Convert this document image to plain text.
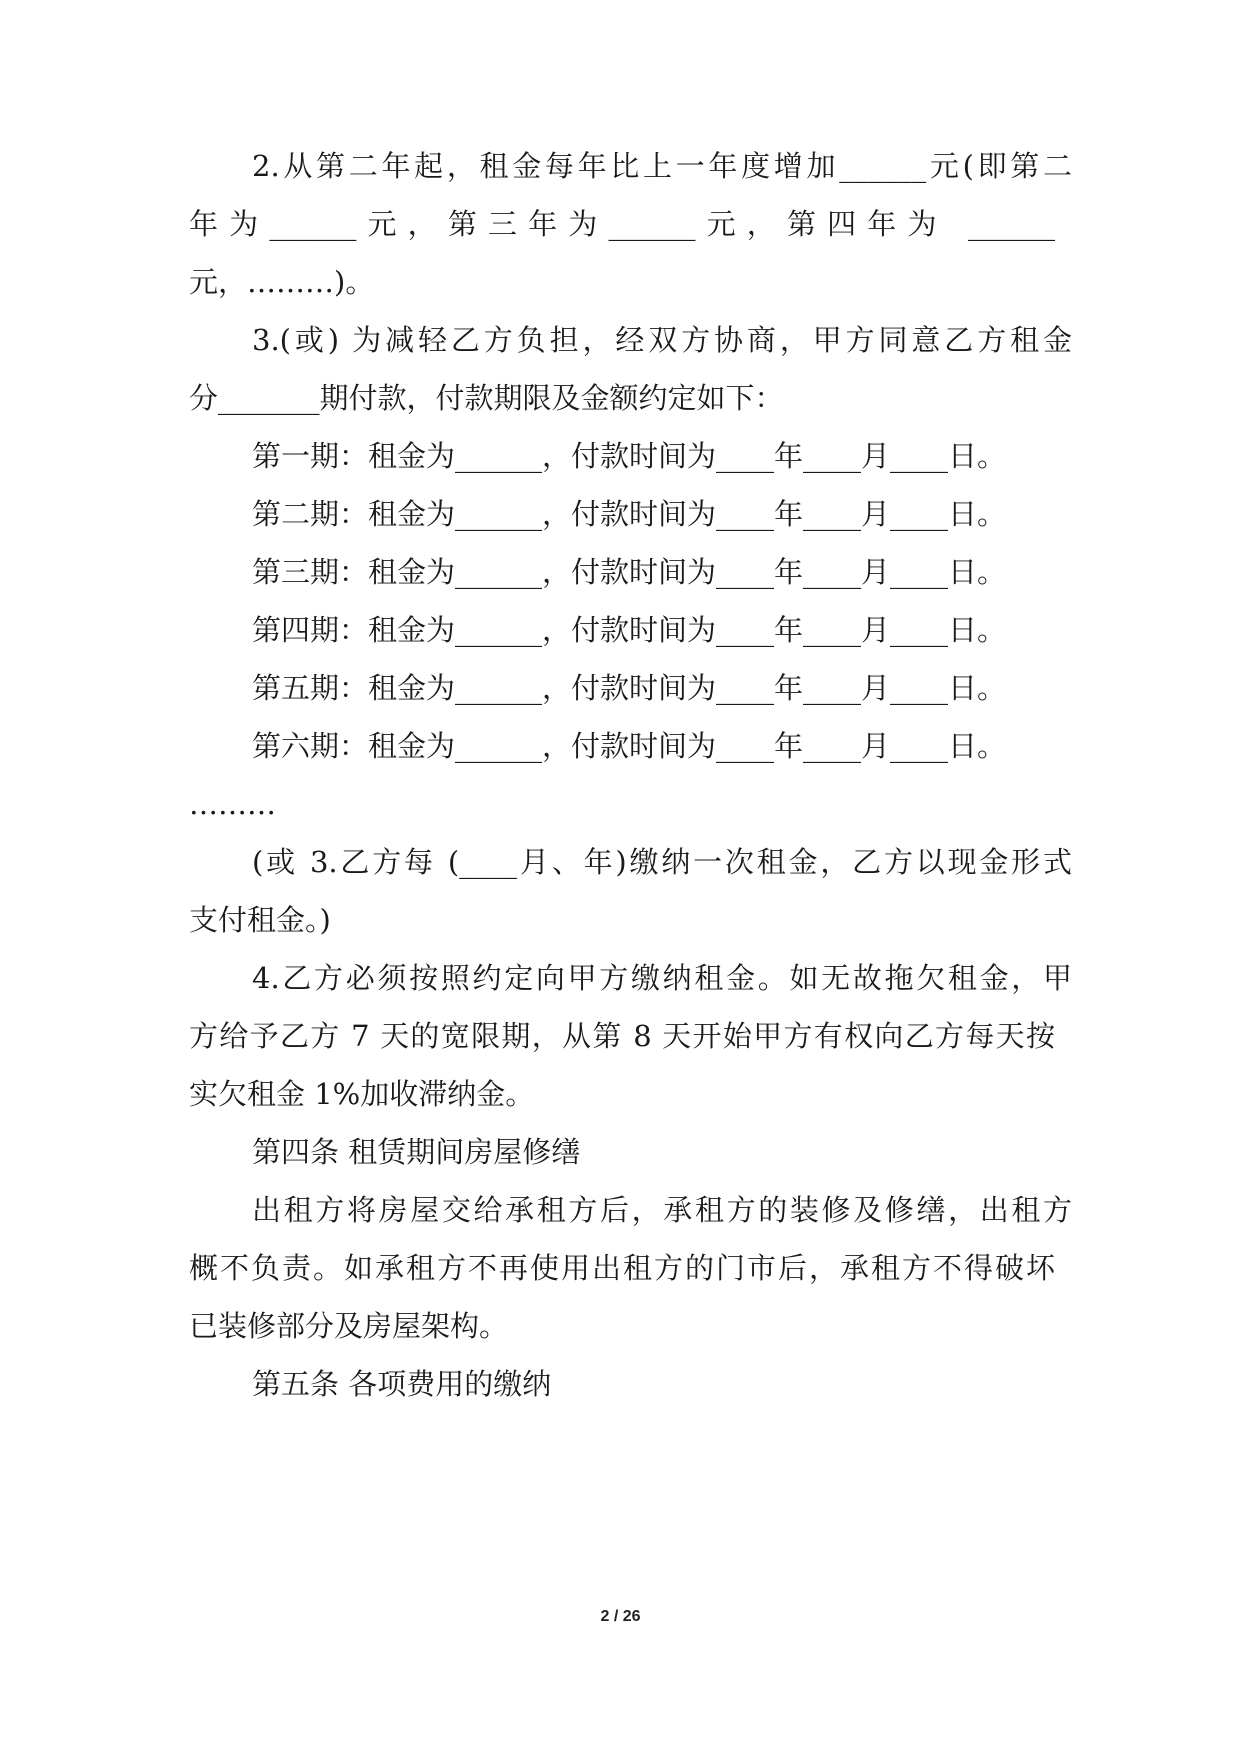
2.从第二年起，租金每年比上一年度增加______元(即第二
年为______元，第三年为______元，第四年为 ______
元，………)。
3.(或) 为减轻乙方负担，经双方协商，甲方同意乙方租金
分_______期付款，付款期限及金额约定如下：
第一期：租金为______，付款时间为____年____月____日。
第二期：租金为______，付款时间为____年____月____日。
第三期：租金为______，付款时间为____年____月____日。
第四期：租金为______，付款时间为____年____月____日。
第五期：租金为______，付款时间为____年____月____日。
第六期：租金为______，付款时间为____年____月____日。
………
(或 3.乙方每 (____月、年)缴纳一次租金，乙方以现金形式
支付租金。)
4.乙方必须按照约定向甲方缴纳租金。如无故拖欠租金，甲
方给予乙方 7 天的宽限期，从第 8 天开始甲方有权向乙方每天按
实欠租金 1%加收滞纳金。
第四条 租赁期间房屋修缮
出租方将房屋交给承租方后，承租方的装修及修缮，出租方
概不负责。如承租方不再使用出租方的门市后，承租方不得破坏
已装修部分及房屋架构。
第五条 各项费用的缴纳
2 / 26
